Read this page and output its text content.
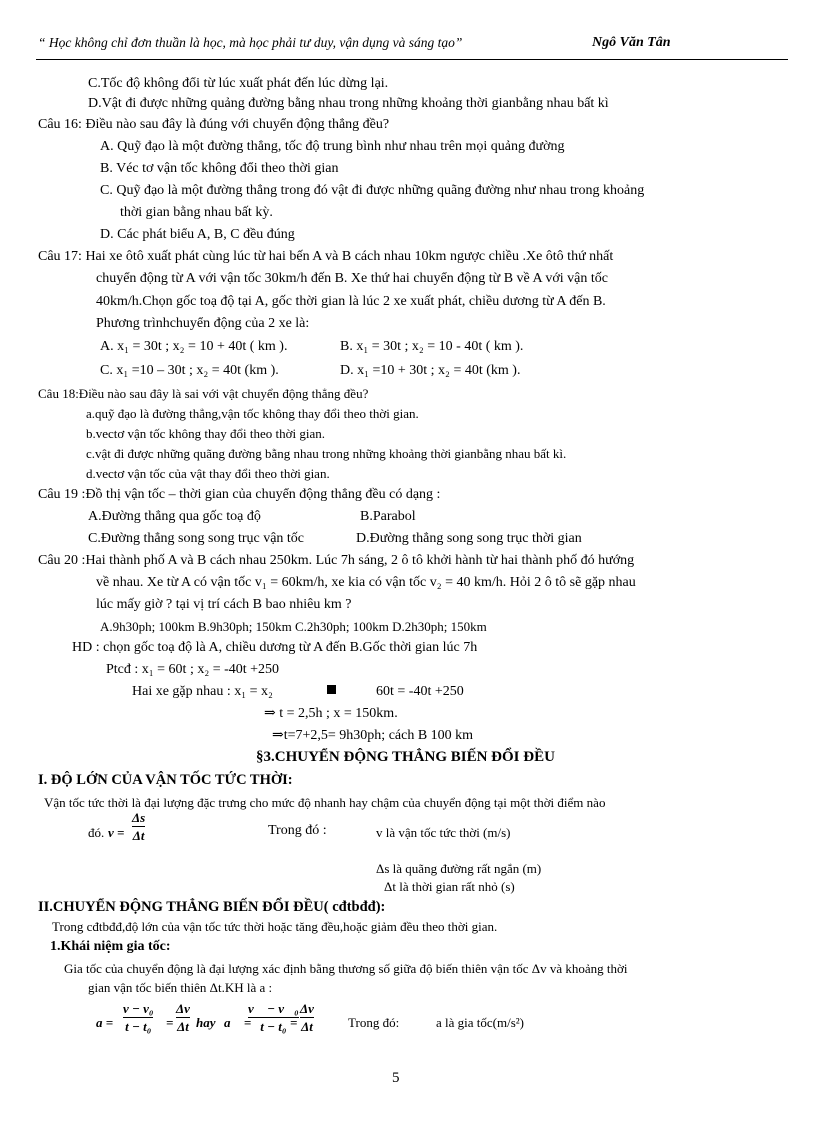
“ Học không chỉ đơn thuần là học, mà học phải tư duy, vận dụng và sáng tạo”	Ngô Văn Tân
C.Tốc độ không đổi từ lúc xuất phát đến lúc dừng lại.
D.Vật đi được những quảng đường bằng nhau trong những khoảng thời gianbằng nhau bất kì
Câu 16: Điều nào sau đây là đúng với chuyển động thẳng đều?
A. Quỹ đạo là một đường thẳng, tốc độ trung bình như nhau trên mọi quảng đường
B. Véc tơ vận tốc không đổi theo thời gian
C. Quỹ đạo là một đường thẳng trong đó vật đi được những quãng đường như nhau trong khoảng
thời gian bằng nhau bất kỳ.
D. Các phát biểu A, B, C đều đúng
Câu 17: Hai xe ôtô xuất phát cùng lúc từ hai bến A và B cách nhau 10km ngược chiều .Xe ôtô thứ nhất
chuyển động từ A với vận tốc 30km/h đến B. Xe thứ hai chuyển động từ B về A với vận tốc
40km/h.Chọn gốc toạ độ tại A, gốc thời gian là lúc 2 xe xuất phát, chiều dương từ A đến B.
Phương trìnhchuyển động của 2 xe là:
A. x₁ = 30t ; x₂ = 10 + 40t ( km ).	B. x₁ = 30t ; x₂ = 10 - 40t ( km ).
C. x₁ =10 – 30t ; x₂ = 40t (km ).	D. x₁ =10 + 30t ; x₂ = 40t (km ).
Câu 18:Điều nào sau đây là sai với vật chuyển động thẳng đều?
a.quỹ đạo là đường thẳng,vận tốc không thay đổi theo thời gian.
b.vectơ vận tốc không thay đổi theo thời gian.
c.vật đi được những quãng đường bằng nhau trong những khoảng thời gianbằng nhau bất kì.
d.vectơ vận tốc của vật thay đổi theo thời gian.
Câu 19 :Đồ thị vận tốc – thời gian của chuyển động thẳng đều có dạng :
A.Đường thẳng qua gốc toạ độ	B.Parabol
C.Đường thẳng song song trục vận tốc	D.Đường thẳng song song trục thời gian
Câu 20 :Hai thành phố A và B cách nhau 250km. Lúc 7h sáng, 2 ô tô khởi hành từ hai thành phố đó hướng
về nhau. Xe từ A có vận tốc v₁ = 60km/h, xe kia có vận tốc v₂ = 40 km/h. Hỏi 2 ô tô sẽ gặp nhau
lúc mấy giờ ? tại vị trí cách B bao nhiêu km ?
A.9h30ph; 100km B.9h30ph; 150km C.2h30ph; 100km D.2h30ph; 150km
HD : chọn gốc toạ độ là A, chiều dương từ A đến B.Gốc thời gian lúc 7h
Ptcđ : x₁ = 60t ; x₂ = -40t +250
Hai xe gặp nhau : x₁ = x₂	60t = -40t +250
⇒ t = 2,5h ; x = 150km.
⇒t=7+2,5= 9h30ph; cách B 100 km
§3.CHUYỂN ĐỘNG THẲNG BIẾN ĐỔI ĐỀU
I. ĐỘ LỚN CỦA VẬN TỐC TỨC THỜI:
Vận tốc tức thời là đại lượng đặc trưng cho mức độ nhanh hay chậm của chuyển động tại một thời điểm nào
đó. v =
Δs
Δt	Trong đó :	v là vận tốc tức thời (m/s)
Δs là quãng đường rất ngắn (m)
Δt là thời gian rất nhỏ (s)
II.CHUYỂN ĐỘNG THẲNG BIẾN ĐỔI ĐỀU( cđtbđđ):
Trong cđtbđđ,độ lớn của vận tốc tức thời hoặc tăng đều,hoặc giảm đều theo thời gian.
1.Khái niệm gia tốc:
Gia tốc của chuyển động là đại lượng xác định bằng thương số giữa độ biến thiên vận tốc Δv và khoảng thời
gian vận tốc biến thiên Δt.KH là a :
a =
v − v₀
t − t₀ =
Δv
Δt hay a⃗ =
v⃗ − v⃗₀
t − t₀ =
Δv
Δt	Trong đó:	a là gia tốc(m/s²)
5
